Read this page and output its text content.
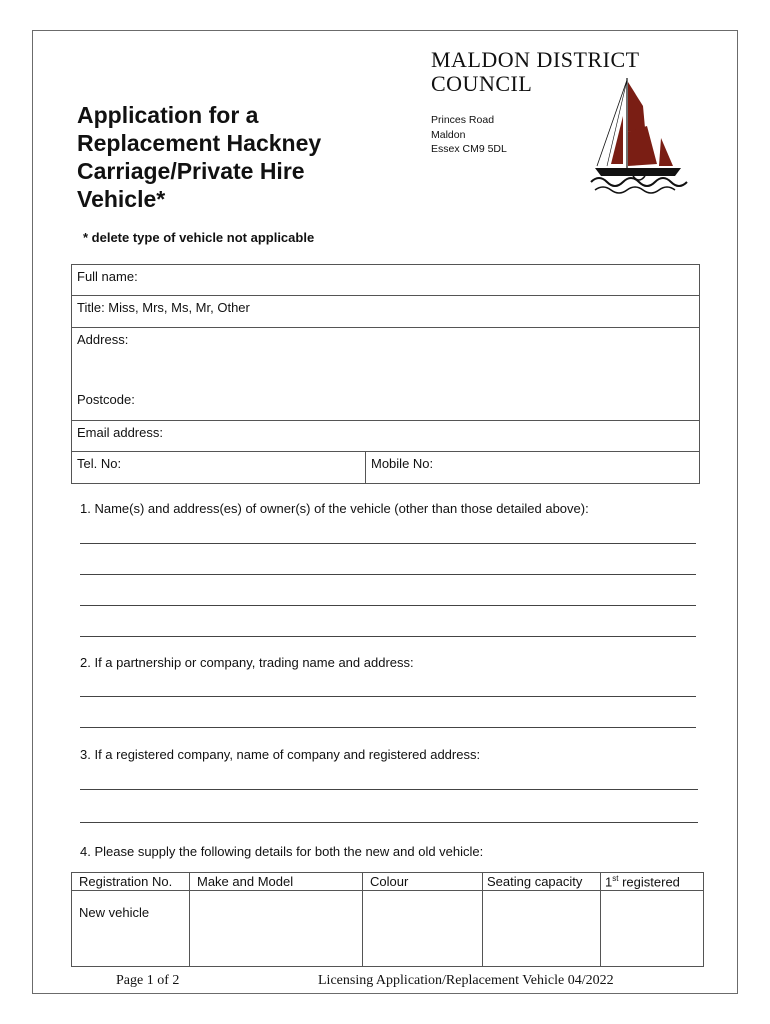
Application for a
Replacement Hackney
Carriage/Private Hire
Vehicle*
* delete type of vehicle not applicable
MALDON DISTRICT
COUNCIL
Princes Road
Maldon
Essex CM9 5DL
Full name:
Title: Miss, Mrs, Ms, Mr, Other
Address:
Postcode:

Email address:
Tel. No:	Mobile No:
1. Name(s) and address(es) of owner(s) of the vehicle (other than those detailed above):
2. If a partnership or company, trading name and address:
3. If a registered company, name of company and registered address:
4. Please supply the following details for both the new and old vehicle:
Registration No.	Make and Model	Colour	Seating capacity	1st registered
New vehicle				
Page 1 of 2	Licensing Application/Replacement Vehicle 04/2022
